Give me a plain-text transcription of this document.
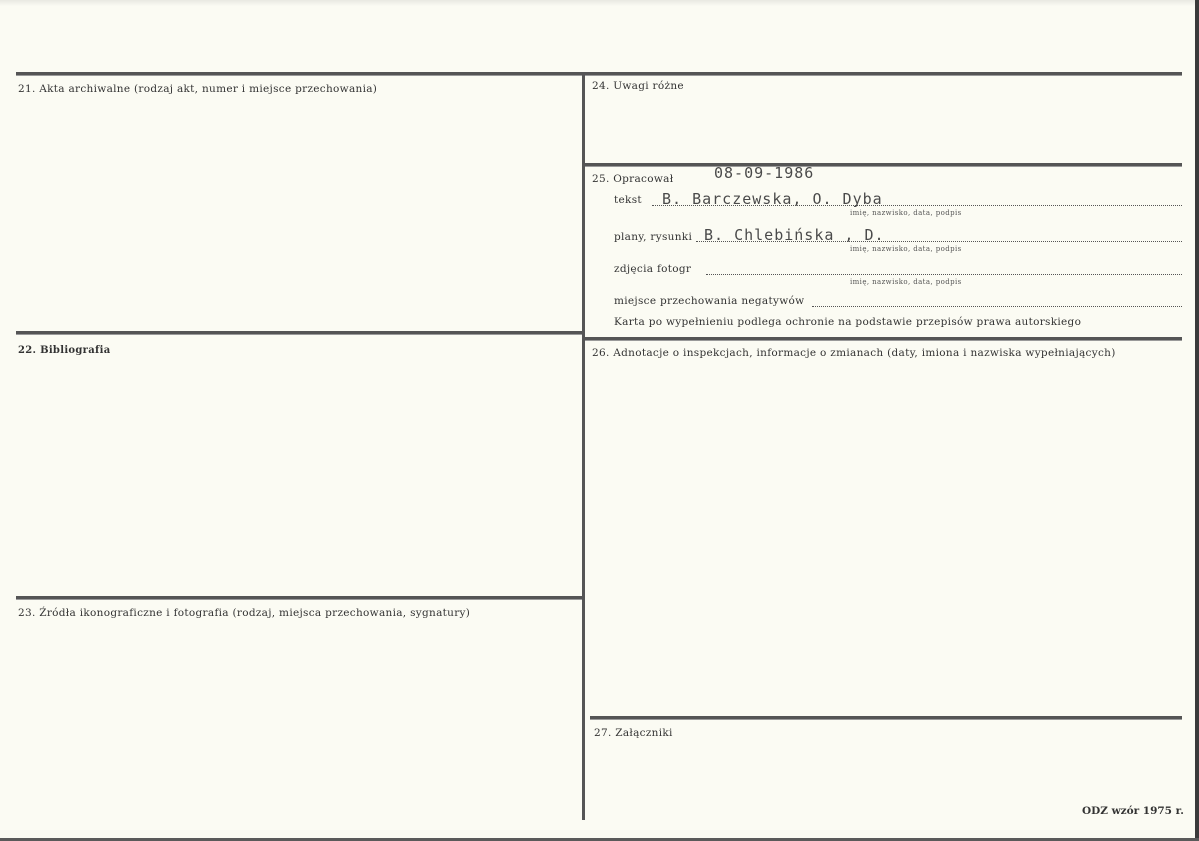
21. Akta archiwalne (rodzaj akt, numer i miejsce przechowania)
22. Bibliografia
23. Źródła ikonograficzne i fotografia (rodzaj, miejsca przechowania, sygnatury)
24. Uwagi różne
25. Opracował	08-09-1986
tekst B. Barczewska, O. Dyba
imię, nazwisko, data, podpis
plany, rysunki B. Chlebińska , D.
imię, nazwisko, data, podpis
zdjęcia fotogr
imię, nazwisko, data, podpis
miejsce przechowania negatywów
Karta po wypełnieniu podlega ochronie na podstawie przepisów prawa autorskiego
26. Adnotacje o inspekcjach, informacje o zmianach (daty, imiona i nazwiska wypełniających)
27. Załączniki
ODZ wzór 1975 r.
